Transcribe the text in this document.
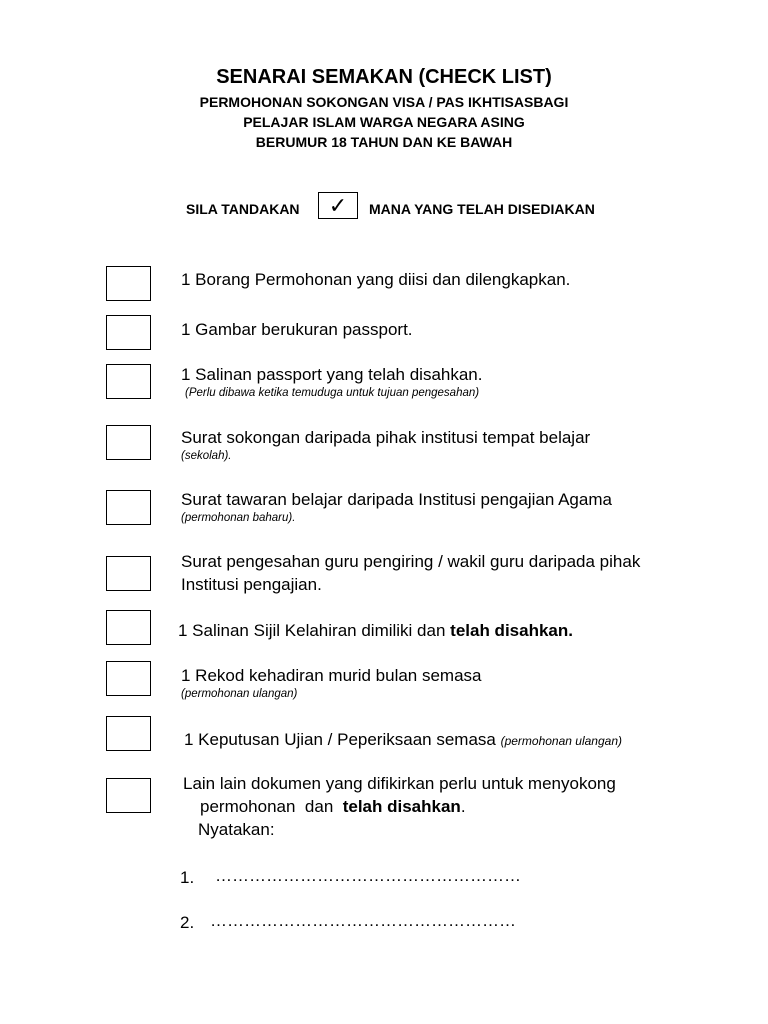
SENARAI SEMAKAN (CHECK LIST)
PERMOHONAN SOKONGAN VISA / PAS IKHTISASBAGI
PELAJAR ISLAM WARGA NEGARA ASING
BERUMUR 18 TAHUN DAN KE BAWAH
SILA TANDAKAN ✓ MANA YANG TELAH DISEDIAKAN
1 Borang Permohonan yang diisi dan dilengkapkan.
1 Gambar berukuran passport.
1 Salinan passport yang telah disahkan.
(Perlu dibawa ketika temuduga untuk tujuan pengesahan)
Surat sokongan daripada pihak institusi tempat belajar
(sekolah).
Surat tawaran belajar daripada Institusi pengajian Agama
(permohonan baharu).
Surat pengesahan guru pengiring / wakil guru daripada pihak
Institusi pengajian.
1 Salinan Sijil Kelahiran dimiliki dan telah disahkan.
1 Rekod kehadiran murid bulan semasa
(permohonan ulangan)
1 Keputusan Ujian / Peperiksaan semasa (permohonan ulangan)
Lain lain dokumen yang difikirkan perlu untuk menyokong
permohonan  dan  telah disahkan.
Nyatakan:
1. ………………………………………………
2. ………………………………………………
